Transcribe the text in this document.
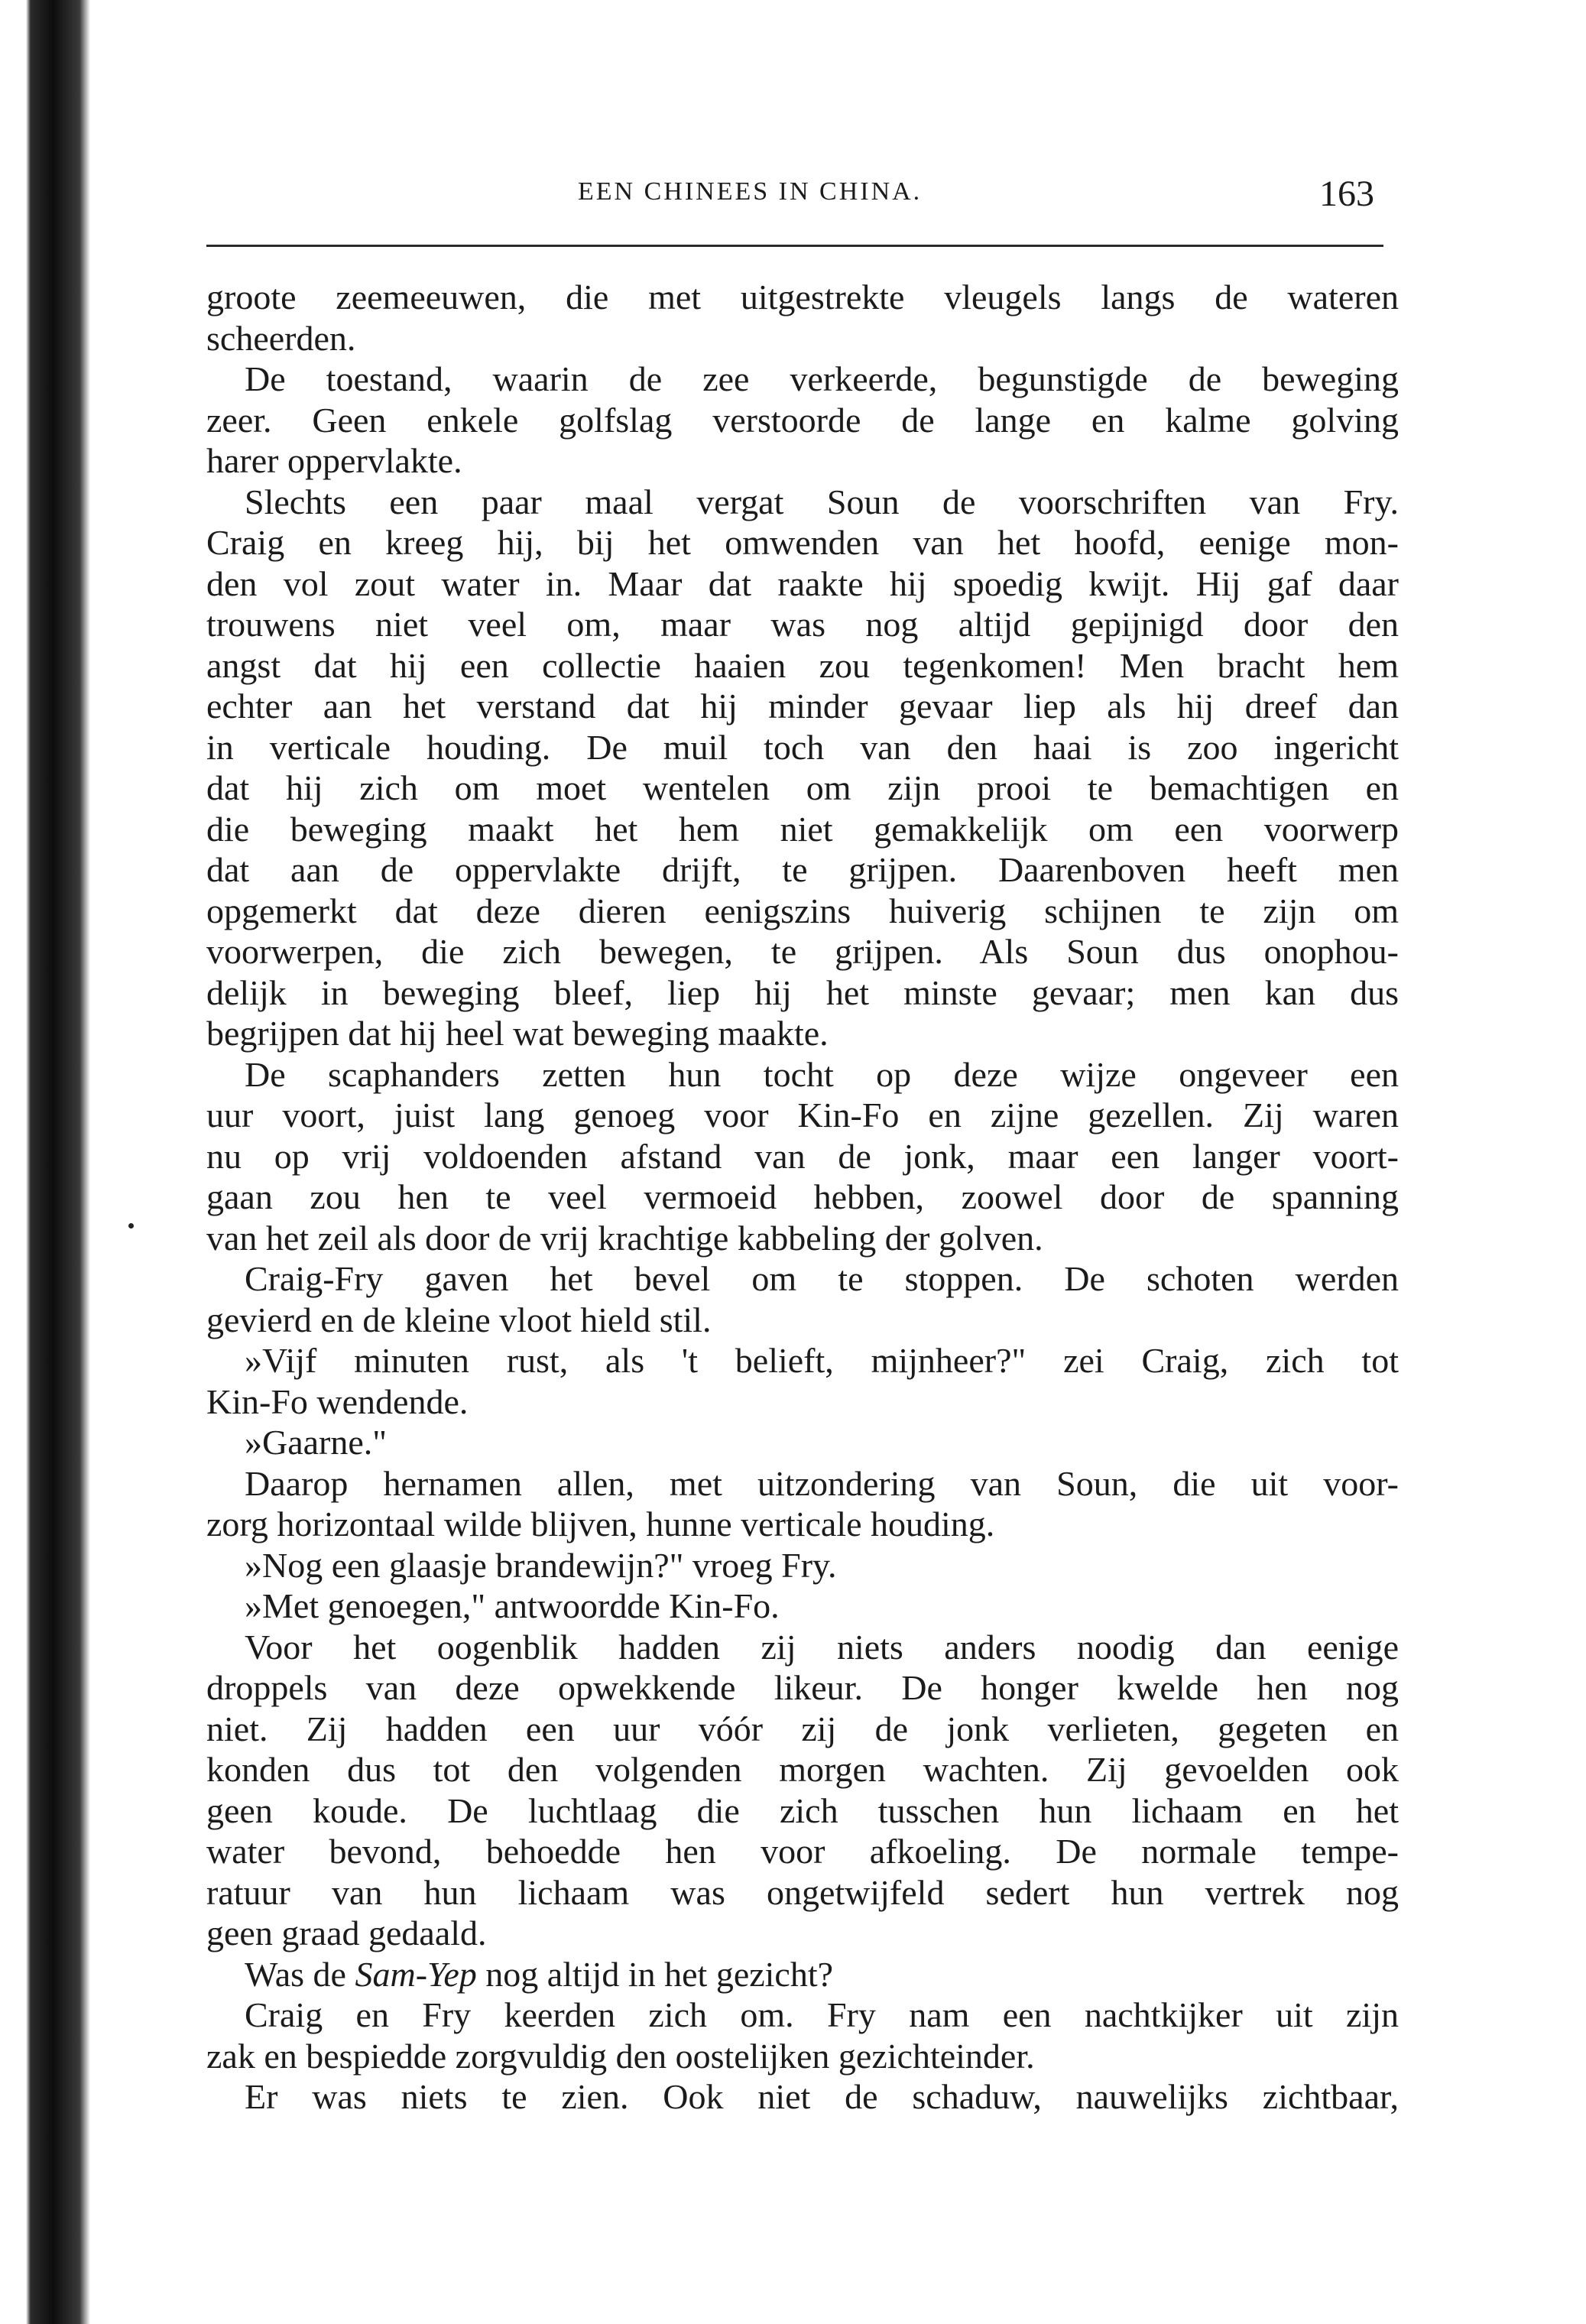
EEN CHINEES IN CHINA.	163
groote zeemeeuwen, die met uitgestrekte vleugels langs de wateren
scheerden.
De toestand, waarin de zee verkeerde, begunstigde de beweging
zeer. Geen enkele golfslag verstoorde de lange en kalme golving
harer oppervlakte.
Slechts een paar maal vergat Soun de voorschriften van Fry.
Craig en kreeg hij, bij het omwenden van het hoofd, eenige mon-
den vol zout water in. Maar dat raakte hij spoedig kwijt. Hij gaf daar
trouwens niet veel om, maar was nog altijd gepijnigd door den
angst dat hij een collectie haaien zou tegenkomen! Men bracht hem
echter aan het verstand dat hij minder gevaar liep als hij dreef dan
in verticale houding. De muil toch van den haai is zoo ingericht
dat hij zich om moet wentelen om zijn prooi te bemachtigen en
die beweging maakt het hem niet gemakkelijk om een voorwerp
dat aan de oppervlakte drijft, te grijpen. Daarenboven heeft men
opgemerkt dat deze dieren eenigszins huiverig schijnen te zijn om
voorwerpen, die zich bewegen, te grijpen. Als Soun dus onophou-
delijk in beweging bleef, liep hij het minste gevaar; men kan dus
begrijpen dat hij heel wat beweging maakte.
De scaphanders zetten hun tocht op deze wijze ongeveer een
uur voort, juist lang genoeg voor Kin-Fo en zijne gezellen. Zij waren
nu op vrij voldoenden afstand van de jonk, maar een langer voort-
gaan zou hen te veel vermoeid hebben, zoowel door de spanning
van het zeil als door de vrij krachtige kabbeling der golven.
Craig-Fry gaven het bevel om te stoppen. De schoten werden
gevierd en de kleine vloot hield stil.
»Vijf minuten rust, als 't belieft, mijnheer?" zei Craig, zich tot
Kin-Fo wendende.
»Gaarne."
Daarop hernamen allen, met uitzondering van Soun, die uit voor-
zorg horizontaal wilde blijven, hunne verticale houding.
»Nog een glaasje brandewijn?" vroeg Fry.
»Met genoegen," antwoordde Kin-Fo.
Voor het oogenblik hadden zij niets anders noodig dan eenige
droppels van deze opwekkende likeur. De honger kwelde hen nog
niet. Zij hadden een uur vóór zij de jonk verlieten, gegeten en
konden dus tot den volgenden morgen wachten. Zij gevoelden ook
geen koude. De luchtlaag die zich tusschen hun lichaam en het
water bevond, behoedde hen voor afkoeling. De normale tempe-
ratuur van hun lichaam was ongetwijfeld sedert hun vertrek nog
geen graad gedaald.
Was de Sam-Yep nog altijd in het gezicht?
Craig en Fry keerden zich om. Fry nam een nachtkijker uit zijn
zak en bespiedde zorgvuldig den oostelijken gezichteinder.
Er was niets te zien. Ook niet de schaduw, nauwelijks zichtbaar,
